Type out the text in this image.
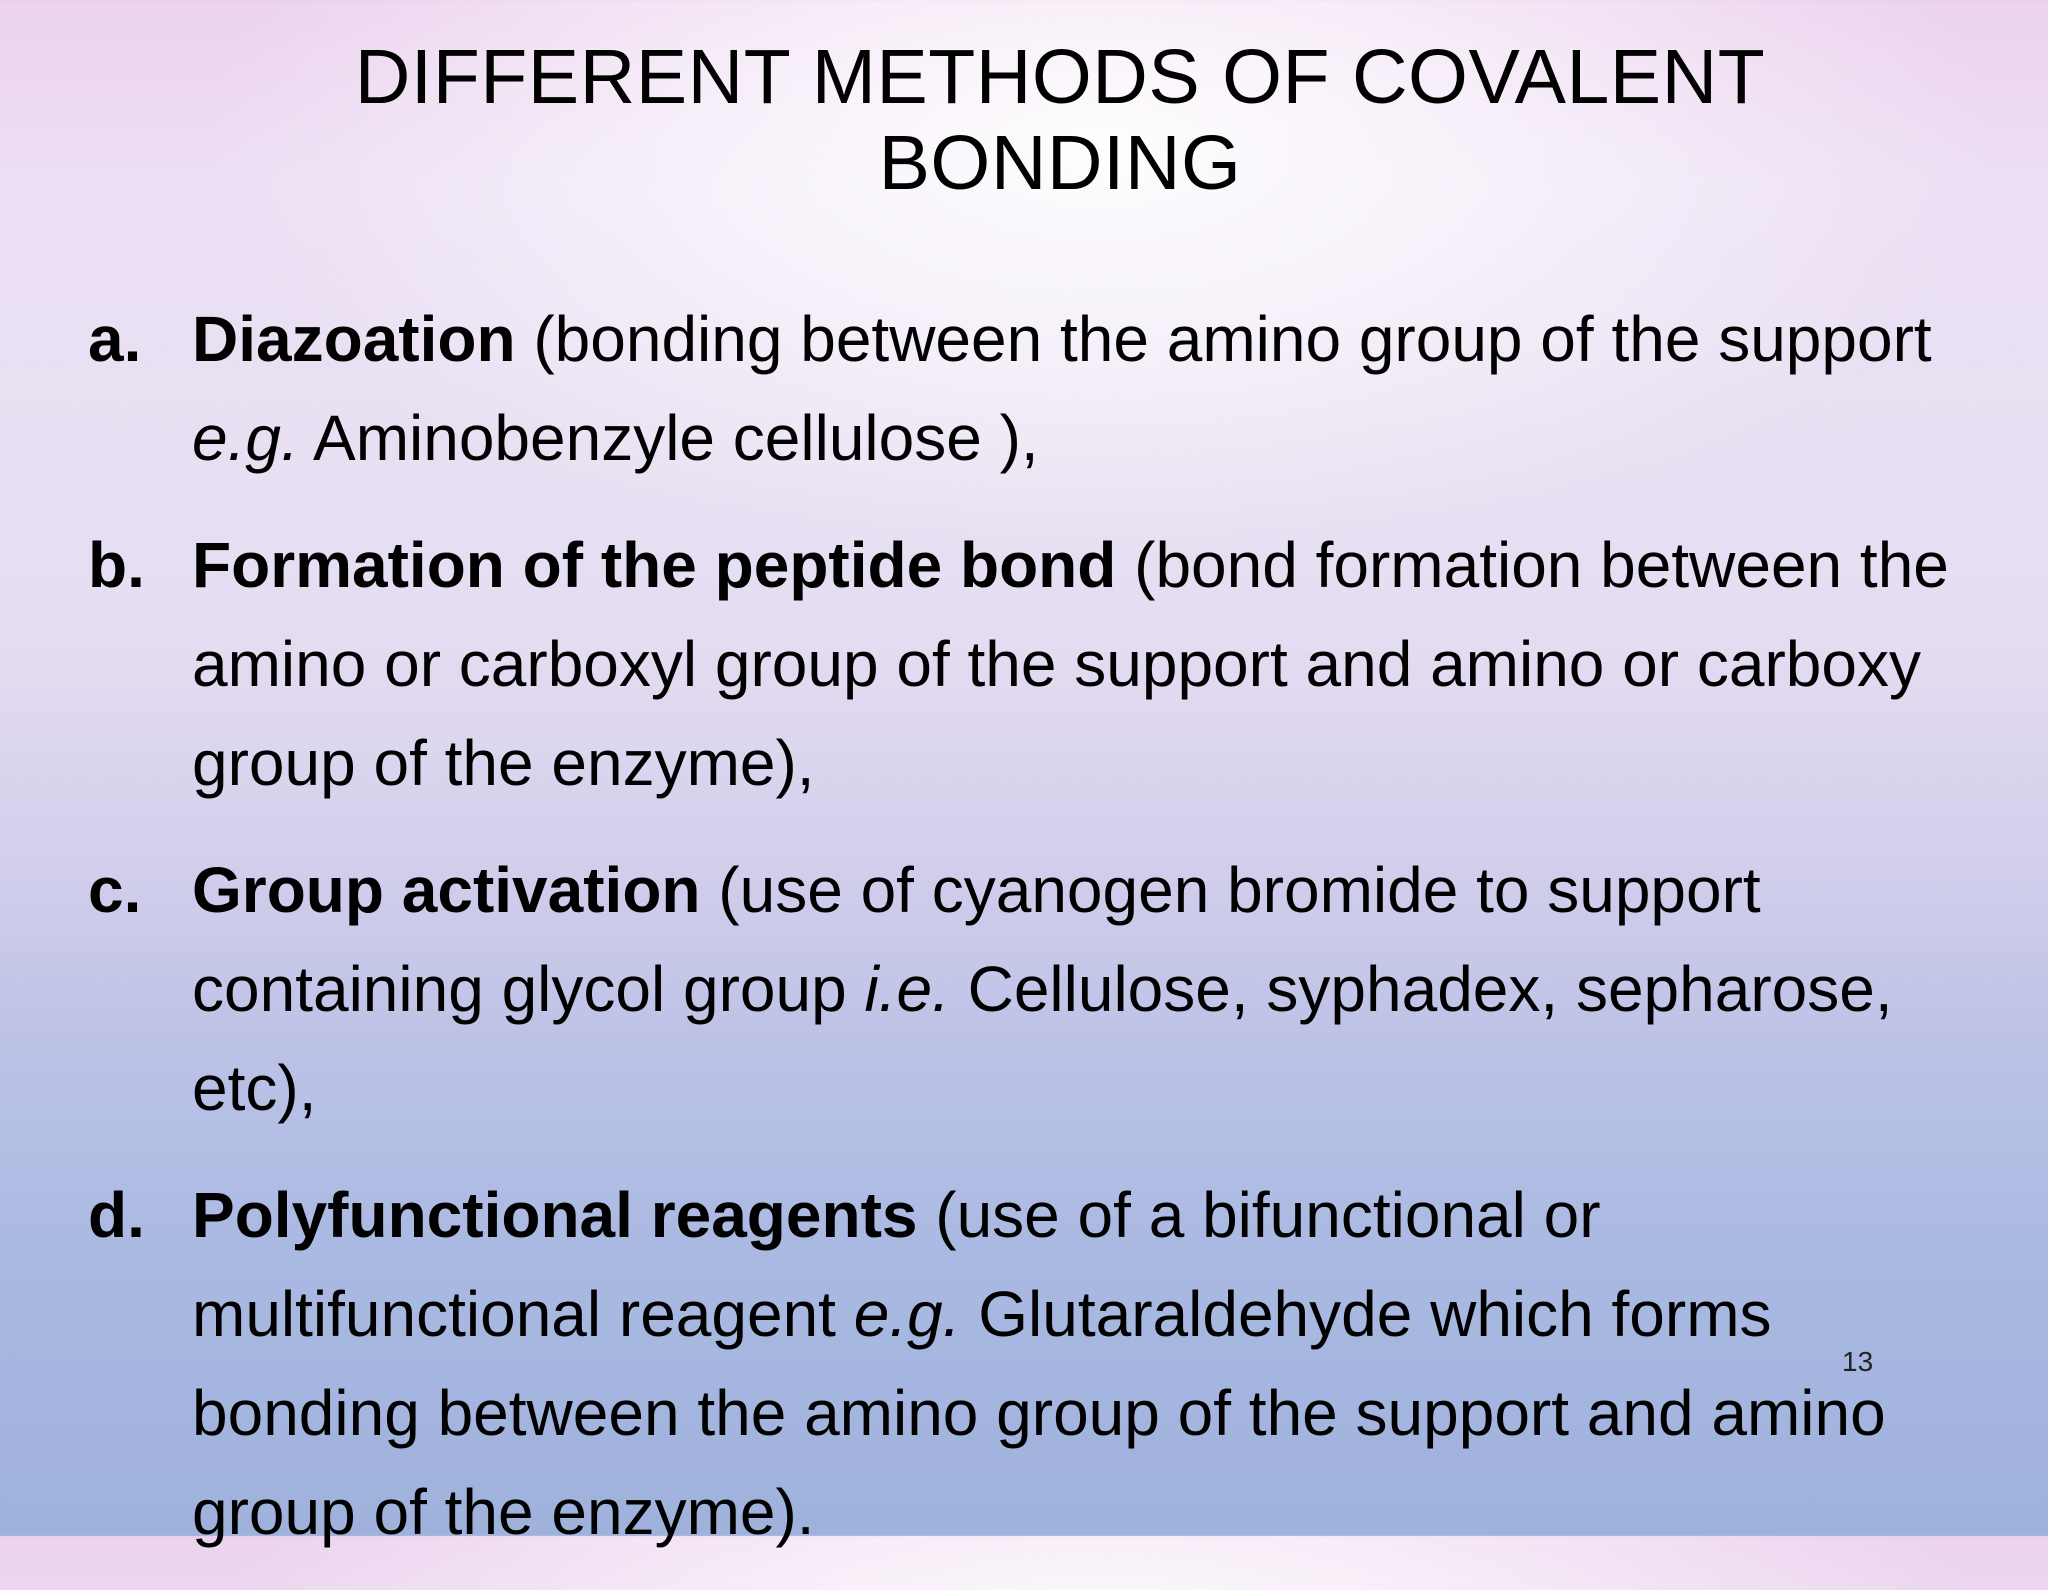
DIFFERENT METHODS OF COVALENT
BONDING
a. Diazoation (bonding between the amino group of the support e.g. Aminobenzyle cellulose ),
b. Formation of the peptide bond (bond formation between the amino or carboxyl group of the support and amino or carboxy group of the enzyme),
c. Group activation (use of cyanogen bromide to support containing glycol group i.e. Cellulose, syphadex, sepharose, etc),
d. Polyfunctional reagents (use of a bifunctional or multifunctional reagent e.g. Glutaraldehyde which forms bonding between the amino group of the support and amino group of the enzyme).
13
